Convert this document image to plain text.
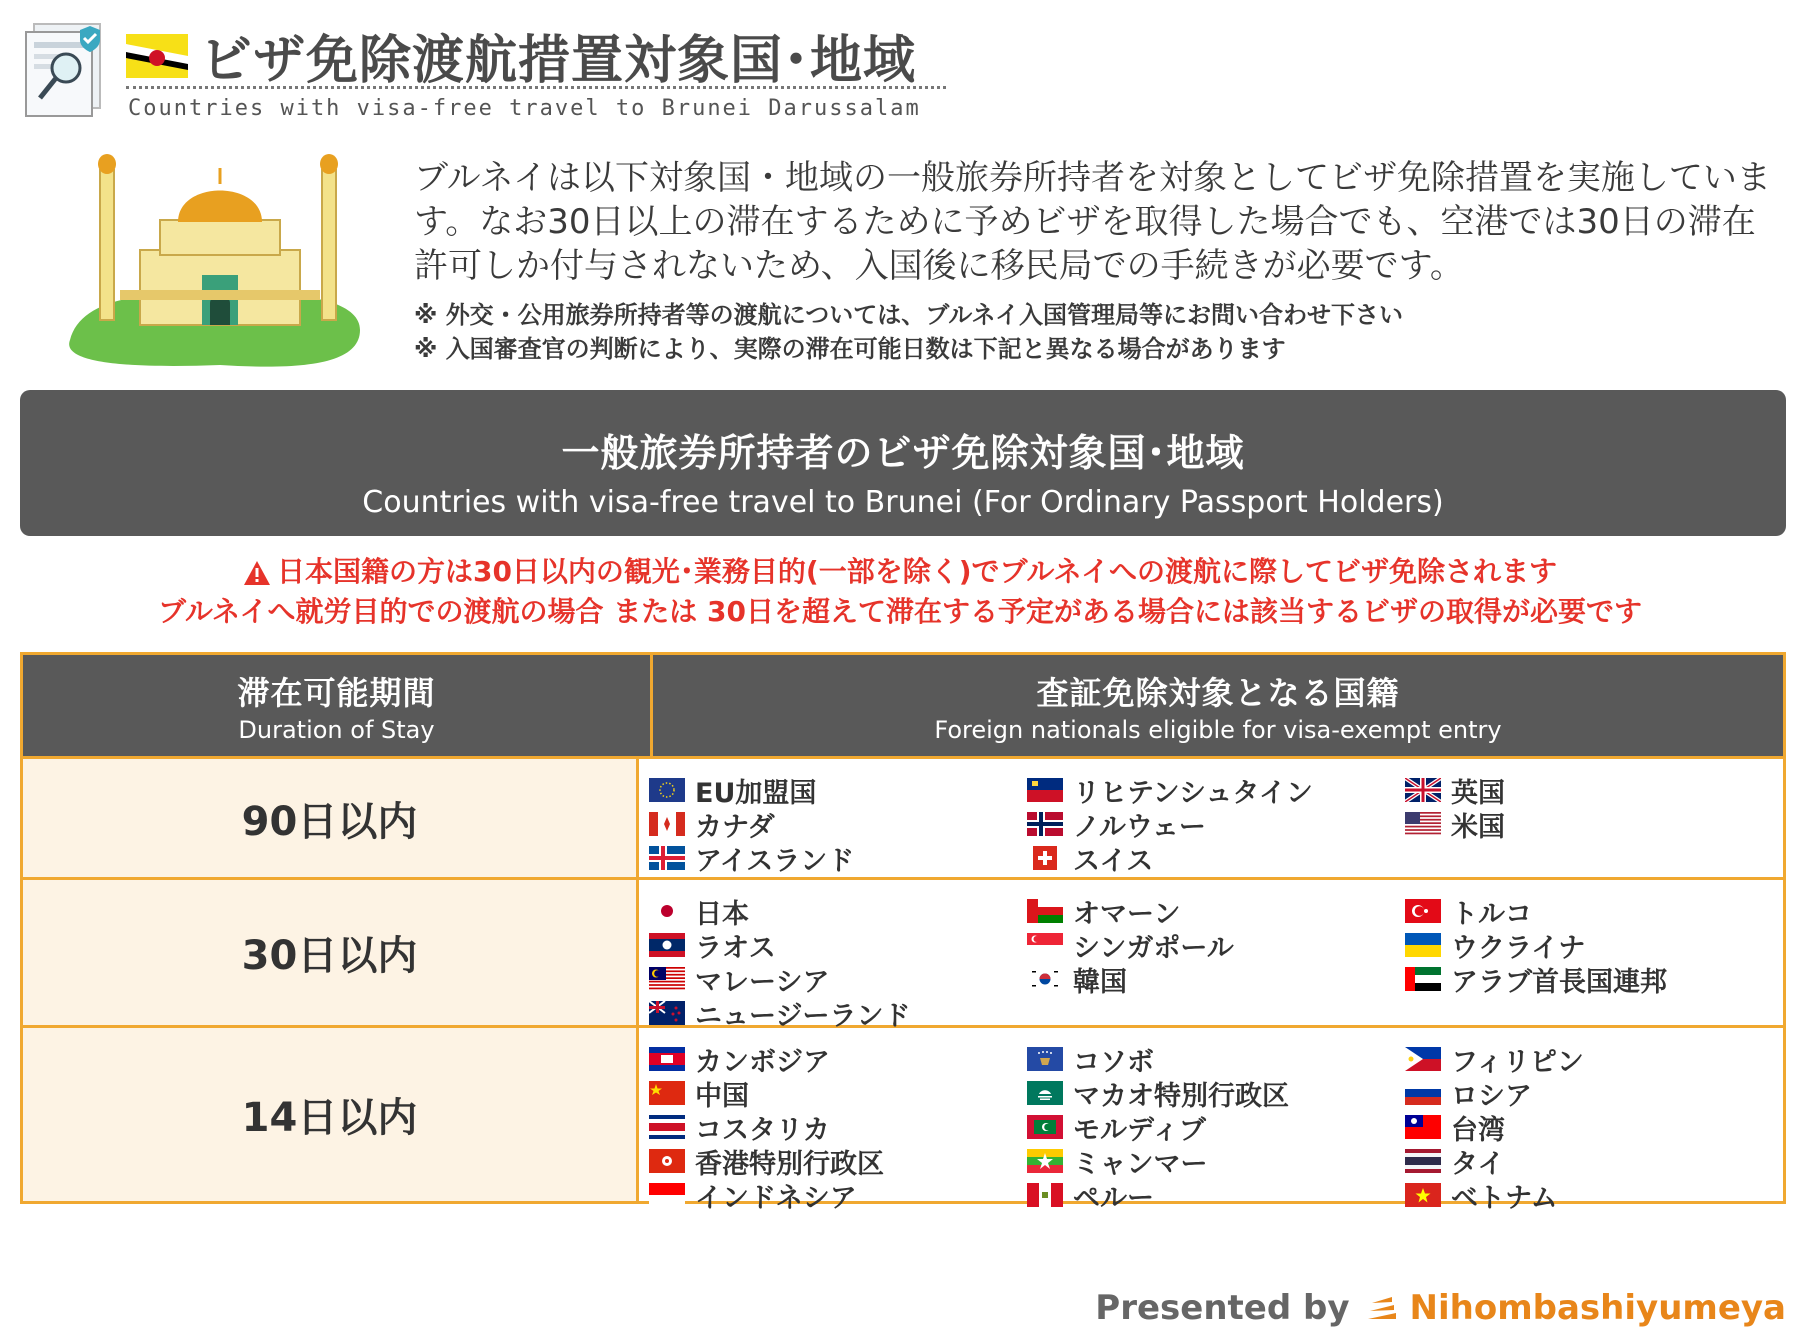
ビザ免除渡航措置対象国･地域
Countries with visa-free travel to Brunei Darussalam
ブルネイは以下対象国・地域の一般旅券所持者を対象としてビザ免除措置を実施しています。なお30日以上の滞在するために予めビザを取得した場合でも、空港では30日の滞在許可しか付与されないため、入国後に移民局での手続きが必要です。
※ 外交・公用旅券所持者等の渡航については、ブルネイ入国管理局等にお問い合わせ下さい
※ 入国審査官の判断により、実際の滞在可能日数は下記と異なる場合があります
一般旅券所持者のビザ免除対象国･地域
Countries with visa-free travel to Brunei (For Ordinary Passport Holders)
日本国籍の方は30日以内の観光･業務目的(一部を除く)でブルネイへの渡航に際してビザ免除されます
ブルネイへ就労目的での渡航の場合 または 30日を超えて滞在する予定がある場合には該当するビザの取得が必要です
滞在可能期間
Duration of Stay
査証免除対象となる国籍
Foreign nationals eligible for visa-exempt entry
90日以内
EU加盟国
カナダ
アイスランド
リヒテンシュタイン
ノルウェー
スイス
英国
米国
30日以内
日本
ラオス
マレーシア
ニュージーランド
オマーン
シンガポール
韓国
トルコ
ウクライナ
アラブ首長国連邦
14日以内
カンボジア
中国
コスタリカ
香港特別行政区
インドネシア
コソボ
マカオ特別行政区
モルディブ
ミャンマー
ペルー
フィリピン
ロシア
台湾
タイ
ベトナム
Presented by Nihombashiyumeya
